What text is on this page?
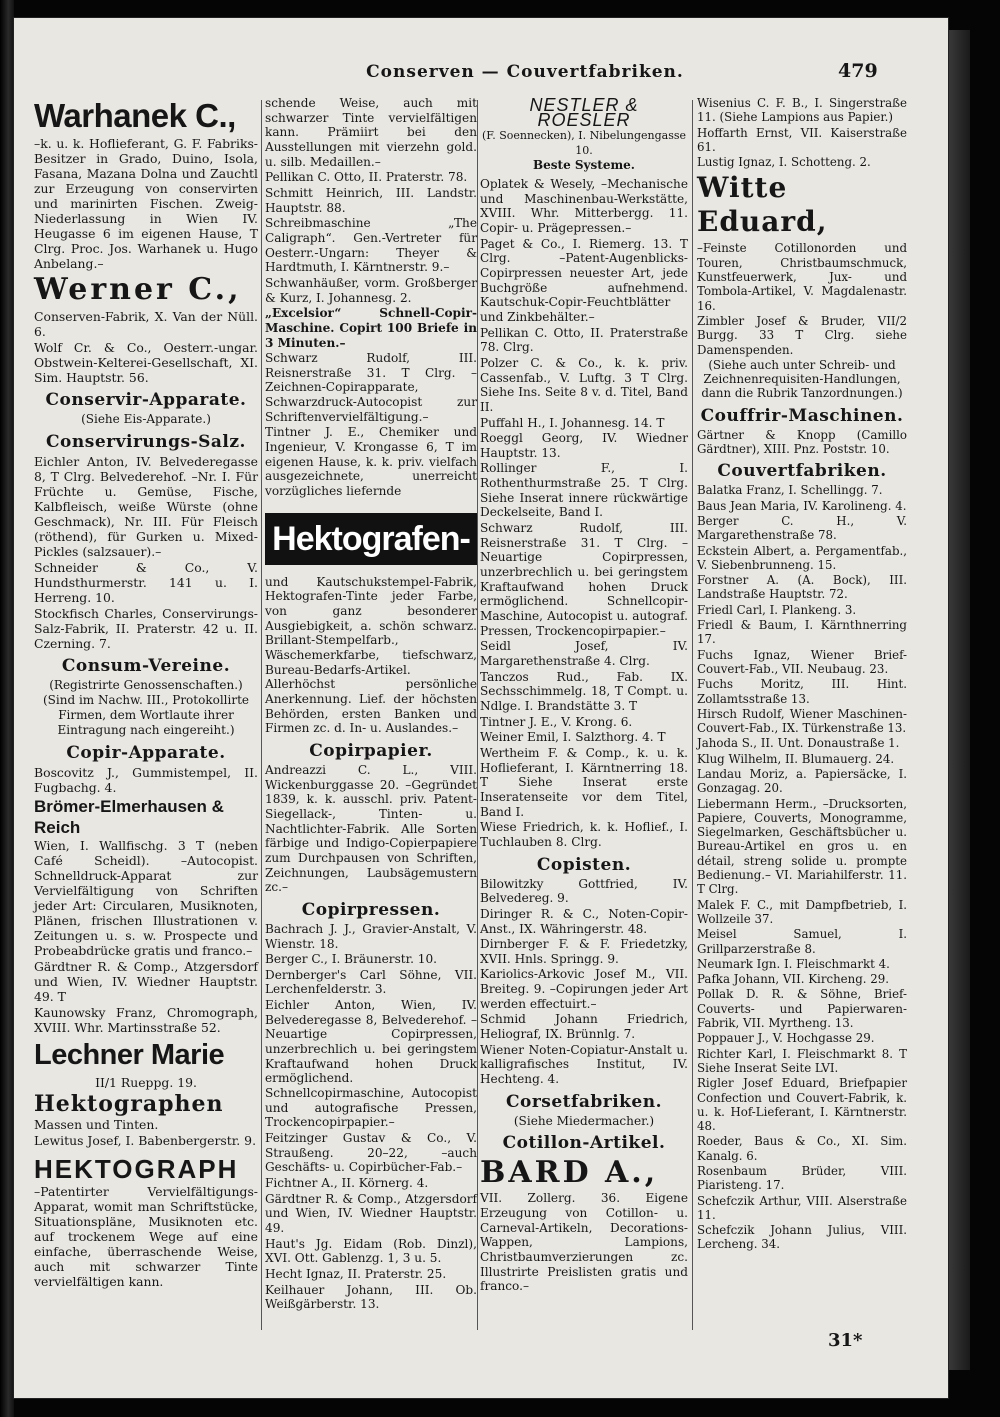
Conserven — Couvertfabriken.	479
Warhanek C.,
–k. u. k. Hoflieferant, G. F. Fabriks-Besitzer in Grado, Duino, Isola, Fasana, Mazana Dolna und Zauchtl zur Erzeugung von conservirten und marinirten Fischen. Zweig-Niederlassung in Wien IV. Heugasse 6 im eigenen Hause, T Clrg. Proc. Jos. Warhanek u. Hugo Anbelang.–
Werner C.,
Conserven-Fabrik, X. Van der Nüll. 6.
Wolf Cr. & Co., Oesterr.-ungar. Obstwein-Kelterei-Gesellschaft, XI. Sim. Hauptstr. 56.
Conservir-Apparate.
(Siehe Eis-Apparate.)
Conservirungs-Salz.
Eichler Anton, IV. Belvederegasse 8, T Clrg. Belvederehof. –Nr. I. Für Früchte u. Gemüse, Fische, Kalbfleisch, weiße Würste (ohne Geschmack), Nr. III. Für Fleisch (röthend), für Gurken u. Mixed-Pickles (salzsauer).–
Schneider & Co., V. Hundsthurmerstr. 141 u. I. Herreng. 10.
Stockfisch Charles, Conservirungs-Salz-Fabrik, II. Praterstr. 42 u. II. Czerning. 7.
Consum-Vereine.
(Registrirte Genossenschaften.) (Sind im Nachw. III., Protokollirte Firmen, dem Wortlaute ihrer Eintragung nach eingereiht.)
Copir-Apparate.
Boscovitz J., Gummistempel, II. Fugbachg. 4.
Brömer-Elmerhausen & Reich
Wien, I. Wallfischg. 3 T (neben Café Scheidl). –Autocopist. Schnelldruck-Apparat zur Vervielfältigung von Schriften jeder Art: Circularen, Musiknoten, Plänen, frischen Illustrationen v. Zeitungen u. s. w. Prospecte und Probeabdrücke gratis und franco.–
Gärdtner R. & Comp., Atzgersdorf und Wien, IV. Wiedner Hauptstr. 49. T
Kaunowsky Franz, Chromograph, XVIII. Whr. Martinsstraße 52.
Lechner Marie
II/1 Rueppg. 19.
Hektographen
Massen und Tinten.
Lewitus Josef, I. Babenbergerstr. 9.
HEKTOGRAPH
–Patentirter Vervielfältigungs-Apparat, womit man Schriftstücke, Situationspläne, Musiknoten etc. auf trockenem Wege auf eine einfache, überraschende Weise, auch mit schwarzer Tinte vervielfältigen kann.
schende Weise, auch mit schwarzer Tinte vervielfältigen kann. Prämiirt bei den Ausstellungen mit vierzehn gold. u. silb. Medaillen.–
Pellikan C. Otto, II. Praterstr. 78.
Schmitt Heinrich, III. Landstr. Hauptstr. 88.
Schreibmaschine „The Caligraph“. Gen.-Vertreter für Oesterr.-Ungarn: Theyer & Hardtmuth, I. Kärntnerstr. 9.–
Schwanhäußer, vorm. Großberger & Kurz, I. Johannesg. 2.
„Excelsior“ Schnell-Copir-Maschine. Copirt 100 Briefe in 3 Minuten.–
Schwarz Rudolf, III. Reisnerstraße 31. T Clrg. –Zeichnen-Copirapparate, Schwarzdruck-Autocopist zur Schriftenvervielfältigung.–
Tintner J. E., Chemiker und Ingenieur, V. Krongasse 6, T im eigenen Hause, k. k. priv. vielfach ausgezeichnete, unerreicht vorzügliches liefernde
Hektografen-
und Kautschukstempel-Fabrik, Hektografen-Tinte jeder Farbe, von ganz besonderer Ausgiebigkeit, a. schön schwarz. Brillant-Stempelfarb., Wäschemerkfarbe, tiefschwarz, Bureau-Bedarfs-Artikel. Allerhöchst persönliche Anerkennung. Lief. der höchsten Behörden, ersten Banken und Firmen zc. d. In- u. Auslandes.–
Copirpapier.
Andreazzi C. L., VIII. Wickenburggasse 20. –Gegründet 1839, k. k. ausschl. priv. Patent-Siegellack-, Tinten- u. Nachtlichter-Fabrik. Alle Sorten färbige und Indigo-Copierpapiere zum Durchpausen von Schriften, Zeichnungen, Laubsägemustern zc.–
Copirpressen.
Bachrach J. J., Gravier-Anstalt, V. Wienstr. 18.
Berger C., I. Bräunerstr. 10.
Dernberger's Carl Söhne, VII. Lerchenfelderstr. 3.
Eichler Anton, Wien, IV. Belvederegasse 8, Belvederehof. –Neuartige Copirpressen, unzerbrechlich u. bei geringstem Kraftaufwand hohen Druck ermöglichend. Schnellcopirmaschine, Autocopist und autografische Pressen, Trockencopirpapier.–
Feitzinger Gustav & Co., V. Straußeng. 20–22, –auch Geschäfts- u. Copirbücher-Fab.–
Fichtner A., II. Körnerg. 4.
Gärdtner R. & Comp., Atzgersdorf und Wien, IV. Wiedner Hauptstr. 49.
Haut's Jg. Eidam (Rob. Dinzl), XVI. Ott. Gablenzg. 1, 3 u. 5.
Hecht Ignaz, II. Praterstr. 25.
Keilhauer Johann, III. Ob. Weißgärberstr. 13.
NESTLER & ROESLER
(F. Soennecken), I. Nibelungengasse 10.
Beste Systeme.
Oplatek & Wesely, –Mechanische und Maschinenbau-Werkstätte, XVIII. Whr. Mitterbergg. 11. Copir- u. Prägepressen.–
Paget & Co., I. Riemerg. 13. T Clrg. –Patent-Augenblicks-Copirpressen neuester Art, jede Buchgröße aufnehmend. Kautschuk-Copir-Feuchtblätter und Zinkbehälter.–
Pellikan C. Otto, II. Praterstraße 78. Clrg.
Polzer C. & Co., k. k. priv. Cassenfab., V. Luftg. 3 T Clrg. Siehe Ins. Seite 8 v. d. Titel, Band II.
Puffahl H., I. Johannesg. 14. T
Roeggl Georg, IV. Wiedner Hauptstr. 13.
Rollinger F., I. Rothenthurmstraße 25. T Clrg. Siehe Inserat innere rückwärtige Deckelseite, Band I.
Schwarz Rudolf, III. Reisnerstraße 31. T Clrg. –Neuartige Copirpressen, unzerbrechlich u. bei geringstem Kraftaufwand hohen Druck ermöglichend. Schnellcopir-Maschine, Autocopist u. autograf. Pressen, Trockencopirpapier.–
Seidl Josef, IV. Margarethenstraße 4. Clrg.
Tanczos Rud., Fab. IX. Sechsschimmelg. 18, T Compt. u. Ndlge. I. Brandstätte 3. T
Tintner J. E., V. Krong. 6.
Weiner Emil, I. Salzthorg. 4. T
Wertheim F. & Comp., k. u. k. Hoflieferant, I. Kärntnerring 18. T Siehe Inserat erste Inseratenseite vor dem Titel, Band I.
Wiese Friedrich, k. k. Hoflief., I. Tuchlauben 8. Clrg.
Copisten.
Bilowitzky Gottfried, IV. Belvedereg. 9.
Diringer R. & C., Noten-Copir-Anst., IX. Währingerstr. 48.
Dirnberger F. & F. Friedetzky, XVII. Hnls. Springg. 9.
Kariolics-Arkovic Josef M., VII. Breiteg. 9. –Copirungen jeder Art werden effectuirt.–
Schmid Johann Friedrich, Heliograf, IX. Brünnlg. 7.
Wiener Noten-Copiatur-Anstalt u. kalligrafisches Institut, IV. Hechteng. 4.
Corsetfabriken.
(Siehe Miedermacher.)
Cotillon-Artikel.
BARD A.,
VII. Zollerg. 36. Eigene Erzeugung von Cotillon- u. Carneval-Artikeln, Decorations-Wappen, Lampions, Christbaumverzierungen zc. Illustrirte Preislisten gratis und franco.–
Wisenius C. F. B., I. Singerstraße 11. (Siehe Lampions aus Papier.)
Hoffarth Ernst, VII. Kaiserstraße 61.
Lustig Ignaz, I. Schotteng. 2.
Witte Eduard,
–Feinste Cotillonorden und Touren, Christbaumschmuck, Kunstfeuerwerk, Jux- und Tombola-Artikel, V. Magdalenastr. 16.
Zimbler Josef & Bruder, VII/2 Burgg. 33 T Clrg. siehe Damenspenden.
(Siehe auch unter Schreib- und Zeichnenrequisiten-Handlungen, dann die Rubrik Tanzordnungen.)
Couffrir-Maschinen.
Gärtner & Knopp (Camillo Gärdtner), XIII. Pnz. Poststr. 10.
Couvertfabriken.
Balatka Franz, I. Schellingg. 7.
Baus Jean Maria, IV. Karolineng. 4.
Berger C. H., V. Margarethenstraße 78.
Eckstein Albert, a. Pergamentfab., V. Siebenbrunneng. 15.
Forstner A. (A. Bock), III. Landstraße Hauptstr. 72.
Friedl Carl, I. Plankeng. 3.
Friedl & Baum, I. Kärnthnerring 17.
Fuchs Ignaz, Wiener Brief-Couvert-Fab., VII. Neubaug. 23.
Fuchs Moritz, III. Hint. Zollamtsstraße 13.
Hirsch Rudolf, Wiener Maschinen-Couvert-Fab., IX. Türkenstraße 13.
Jahoda S., II. Unt. Donaustraße 1.
Klug Wilhelm, II. Blumauerg. 24.
Landau Moriz, a. Papiersäcke, I. Gonzagag. 20.
Liebermann Herm., –Drucksorten, Papiere, Couverts, Monogramme, Siegelmarken, Geschäftsbücher u. Bureau-Artikel en gros u. en détail, streng solide u. prompte Bedienung.– VI. Mariahilferstr. 11. T Clrg.
Malek F. C., mit Dampfbetrieb, I. Wollzeile 37.
Meisel Samuel, I. Grillparzerstraße 8.
Neumark Ign. I. Fleischmarkt 4.
Pafka Johann, VII. Kircheng. 29.
Pollak D. R. & Söhne, Brief-Couverts- und Papierwaren-Fabrik, VII. Myrtheng. 13.
Poppauer J., V. Hochgasse 29.
Richter Karl, I. Fleischmarkt 8. T Siehe Inserat Seite LVI.
Rigler Josef Eduard, Briefpapier Confection und Couvert-Fabrik, k. u. k. Hof-Lieferant, I. Kärntnerstr. 48.
Roeder, Baus & Co., XI. Sim. Kanalg. 6.
Rosenbaum Brüder, VIII. Piaristeng. 17.
Schefczik Arthur, VIII. Alserstraße 11.
Schefczik Johann Julius, VIII. Lercheng. 34.
31*
